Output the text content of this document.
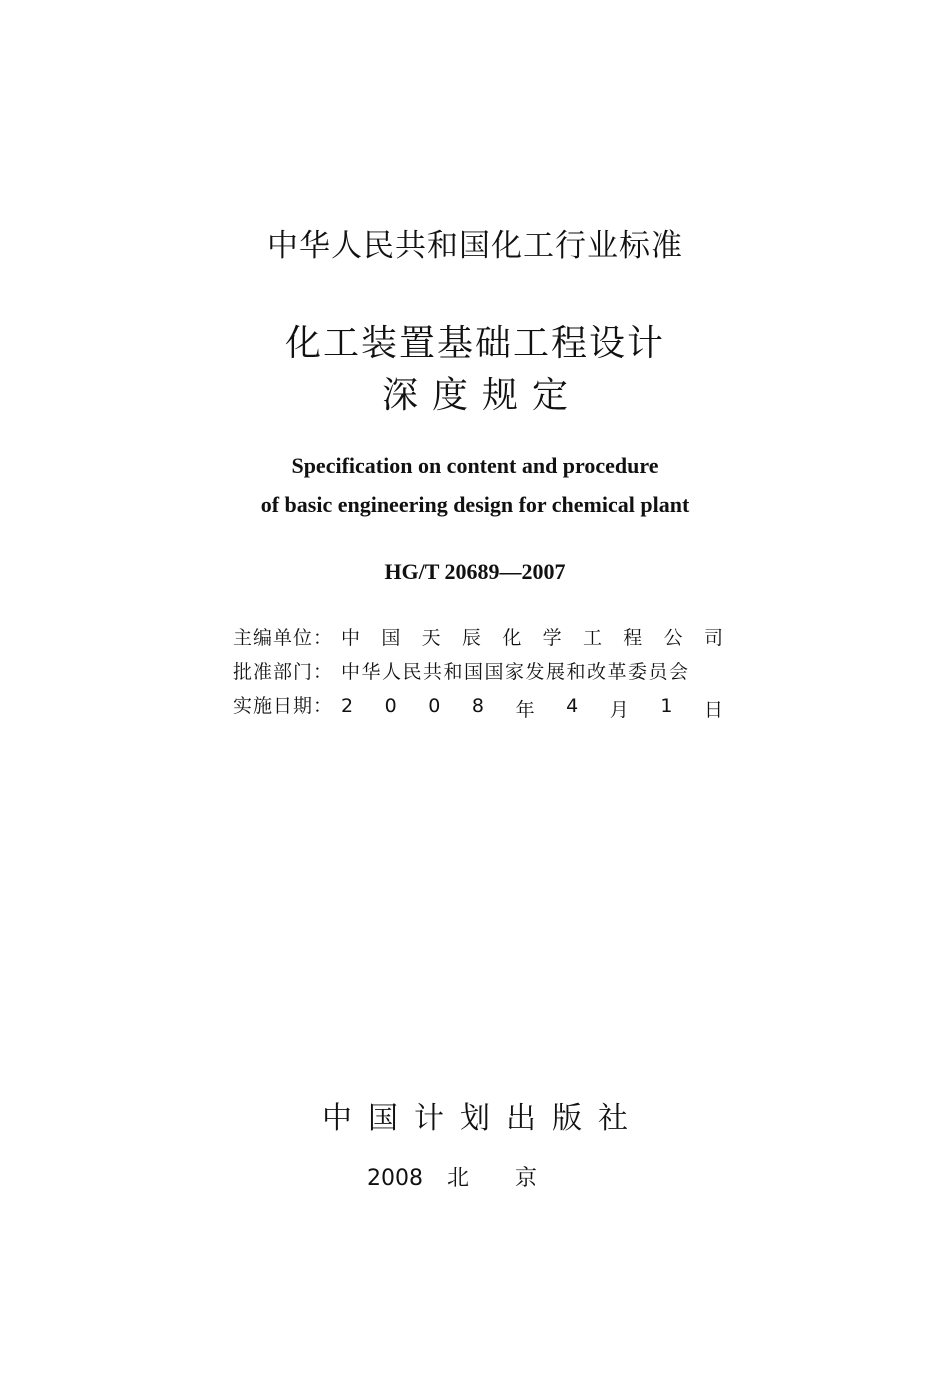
中华人民共和国化工行业标准
化工装置基础工程设计
深度规定
Specification on content and procedure
of basic engineering design for chemical plant
HG/T 20689—2007
主编单位： 中 国 天 辰 化 学 工 程 公 司
批准部门： 中华人民共和国国家发展和改革委员会
实施日期： 2 0 0 8 年 4 月 1 日
中国计划出版社
2008 北京
